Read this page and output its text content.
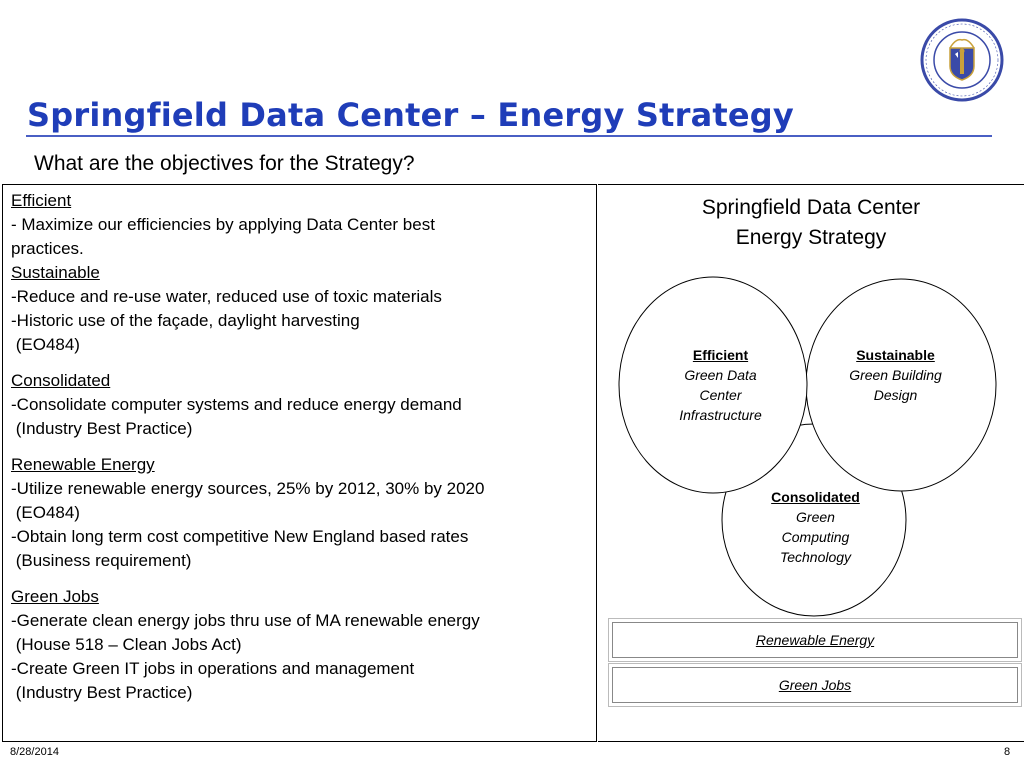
Springfield Data Center – Energy Strategy
What are the objectives for the Strategy?
Efficient
- Maximize our efficiencies by applying Data Center best
practices.
Sustainable
-Reduce and re-use water, reduced use of toxic materials
-Historic use of the façade, daylight harvesting
(EO484)
Consolidated
-Consolidate computer systems and reduce energy demand
(Industry Best Practice)
Renewable Energy
-Utilize renewable energy sources, 25% by 2012, 30% by 2020
(EO484)
-Obtain long term cost competitive New England based rates
(Business requirement)
Green Jobs
-Generate clean energy jobs thru use of MA renewable energy
(House 518 – Clean Jobs Act)
-Create Green IT jobs in operations and management
(Industry Best Practice)
Springfield Data Center
Energy Strategy
Efficient
Green Data
Center
Infrastructure
Sustainable
Green Building
Design
Consolidated
Green
Computing
Technology
Renewable Energy
Green Jobs
8/28/2014	8
